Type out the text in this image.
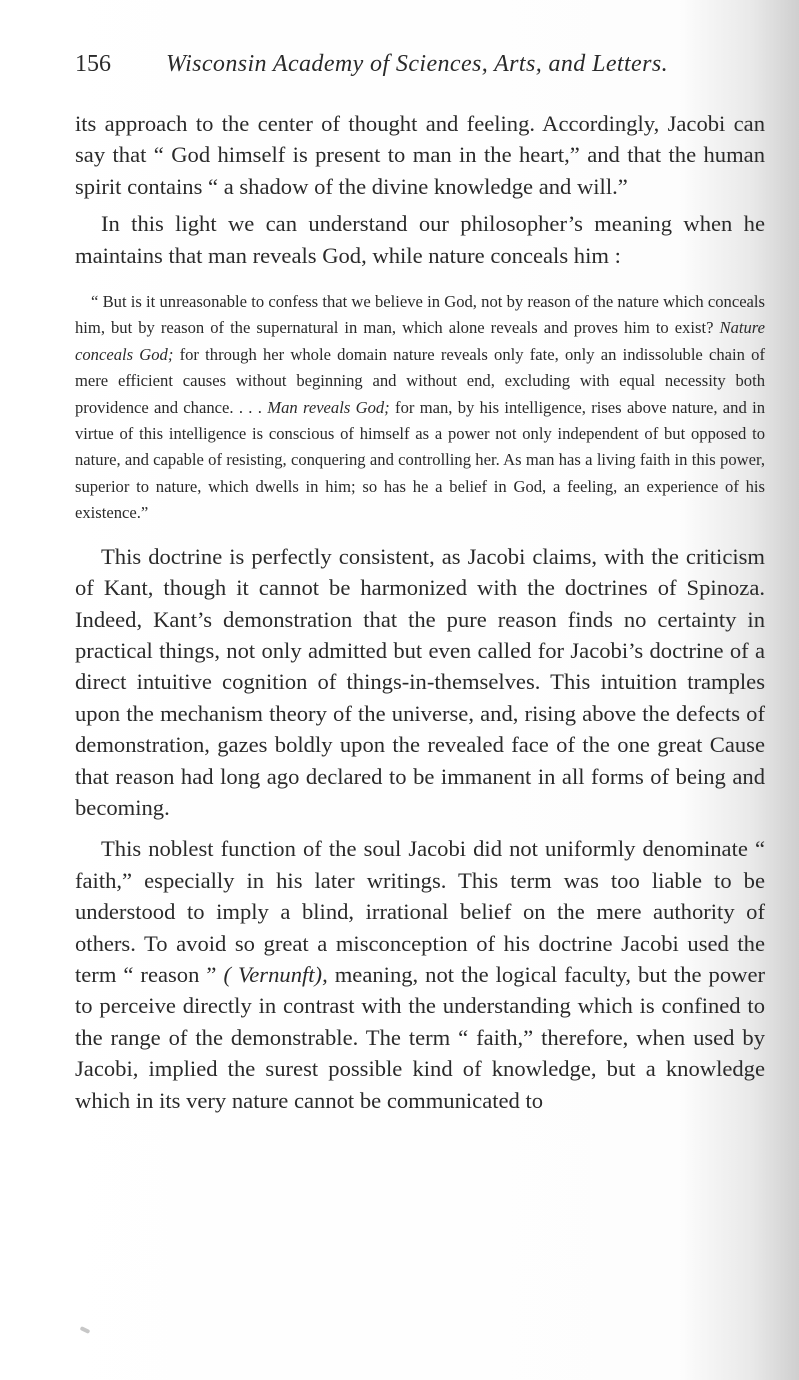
156 Wisconsin Academy of Sciences, Arts, and Letters.

its approach to the center of thought and feeling. Accordingly, Jacobi can say that “ God himself is present to man in the heart,” and that the human spirit contains “ a shadow of the divine knowledge and will.”

In this light we can understand our philosopher’s meaning when he maintains that man reveals God, while nature conceals him :

“ But is it unreasonable to confess that we believe in God, not by reason of the nature which conceals him, but by reason of the supernatural in man, which alone reveals and proves him to exist? Nature conceals God; for through her whole domain nature reveals only fate, only an indissoluble chain of mere efficient causes without beginning and without end, excluding with equal necessity both providence and chance. . . . Man reveals God; for man, by his intelligence, rises above nature, and in virtue of this intelligence is conscious of himself as a power not only independent of but opposed to nature, and capable of resisting, conquering and controlling her. As man has a living faith in this power, superior to nature, which dwells in him; so has he a belief in God, a feeling, an experience of his existence.”

This doctrine is perfectly consistent, as Jacobi claims, with the criticism of Kant, though it cannot be harmonized with the doctrines of Spinoza. Indeed, Kant’s demonstration that the pure reason finds no certainty in practical things, not only admitted but even called for Jacobi’s doctrine of a direct intuitive cognition of things-in-themselves. This intuition tramples upon the mechanism theory of the universe, and, rising above the defects of demonstration, gazes boldly upon the revealed face of the one great Cause that reason had long ago declared to be immanent in all forms of being and becoming.

This noblest function of the soul Jacobi did not uniformly denominate “ faith,” especially in his later writings. This term was too liable to be understood to imply a blind, irrational belief on the mere authority of others. To avoid so great a misconception of his doctrine Jacobi used the term “ reason ” ( Vernunft), meaning, not the logical faculty, but the power to perceive directly in contrast with the understanding which is confined to the range of the demonstrable. The term “ faith,” therefore, when used by Jacobi, implied the surest possible kind of knowledge, but a knowledge which in its very nature cannot be communicated to
